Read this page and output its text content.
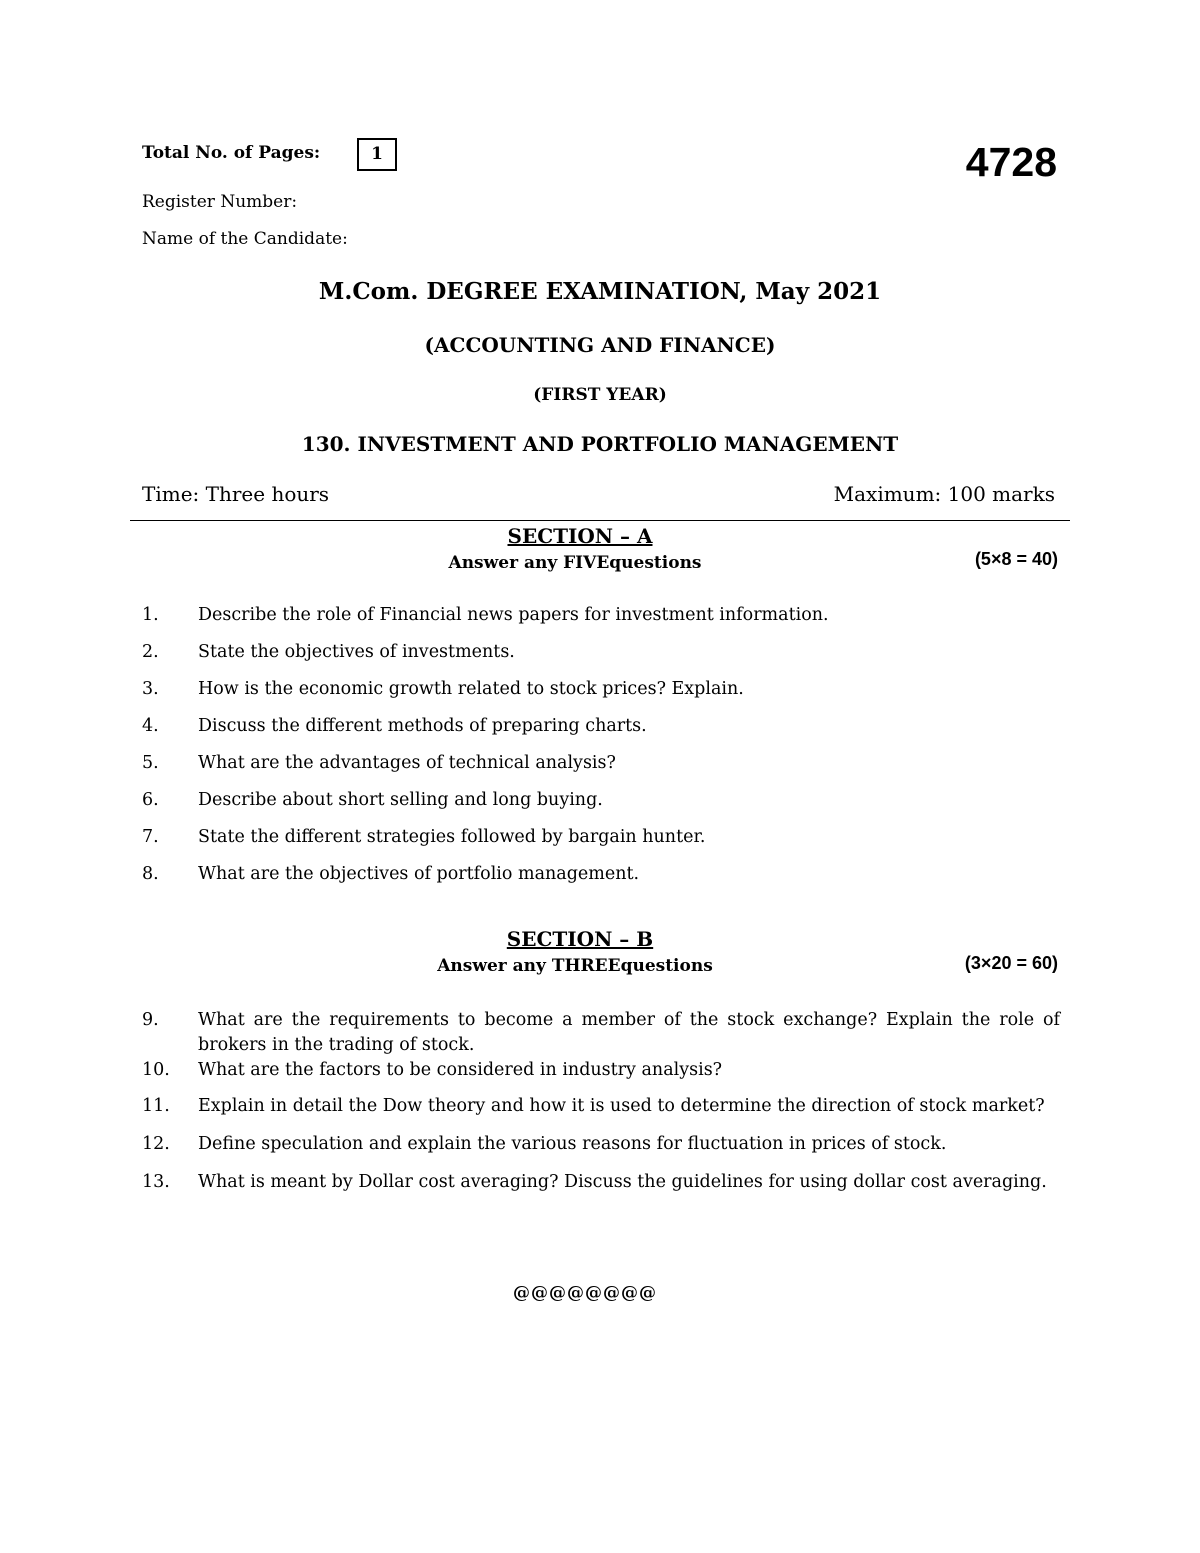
Total No. of Pages:	1	4728
Register Number:
Name of the Candidate:
M.Com. DEGREE EXAMINATION, May 2021
(ACCOUNTING AND FINANCE)
(FIRST YEAR)
130. INVESTMENT AND PORTFOLIO MANAGEMENT
Time: Three hours	Maximum: 100 marks
SECTION – A
Answer any FIVEquestions	(5×8 = 40)
1.	Describe the role of Financial news papers for investment information.
2.	State the objectives of investments.
3.	How is the economic growth related to stock prices? Explain.
4.	Discuss the different methods of preparing charts.
5.	What are the advantages of technical analysis?
6.	Describe about short selling and long buying.
7.	State the different strategies followed by bargain hunter.
8.	What are the objectives of portfolio management.
SECTION – B
Answer any THREEquestions	(3×20 = 60)
9.	What are the requirements to become a member of the stock exchange? Explain the role of brokers in the trading of stock.
10.	What are the factors to be considered in industry analysis?
11.	Explain in detail the Dow theory and how it is used to determine the direction of stock market?
12.	Define speculation and explain the various reasons for fluctuation in prices of stock.
13.	What is meant by Dollar cost averaging? Discuss the guidelines for using dollar cost averaging.
@@@@@@@@
